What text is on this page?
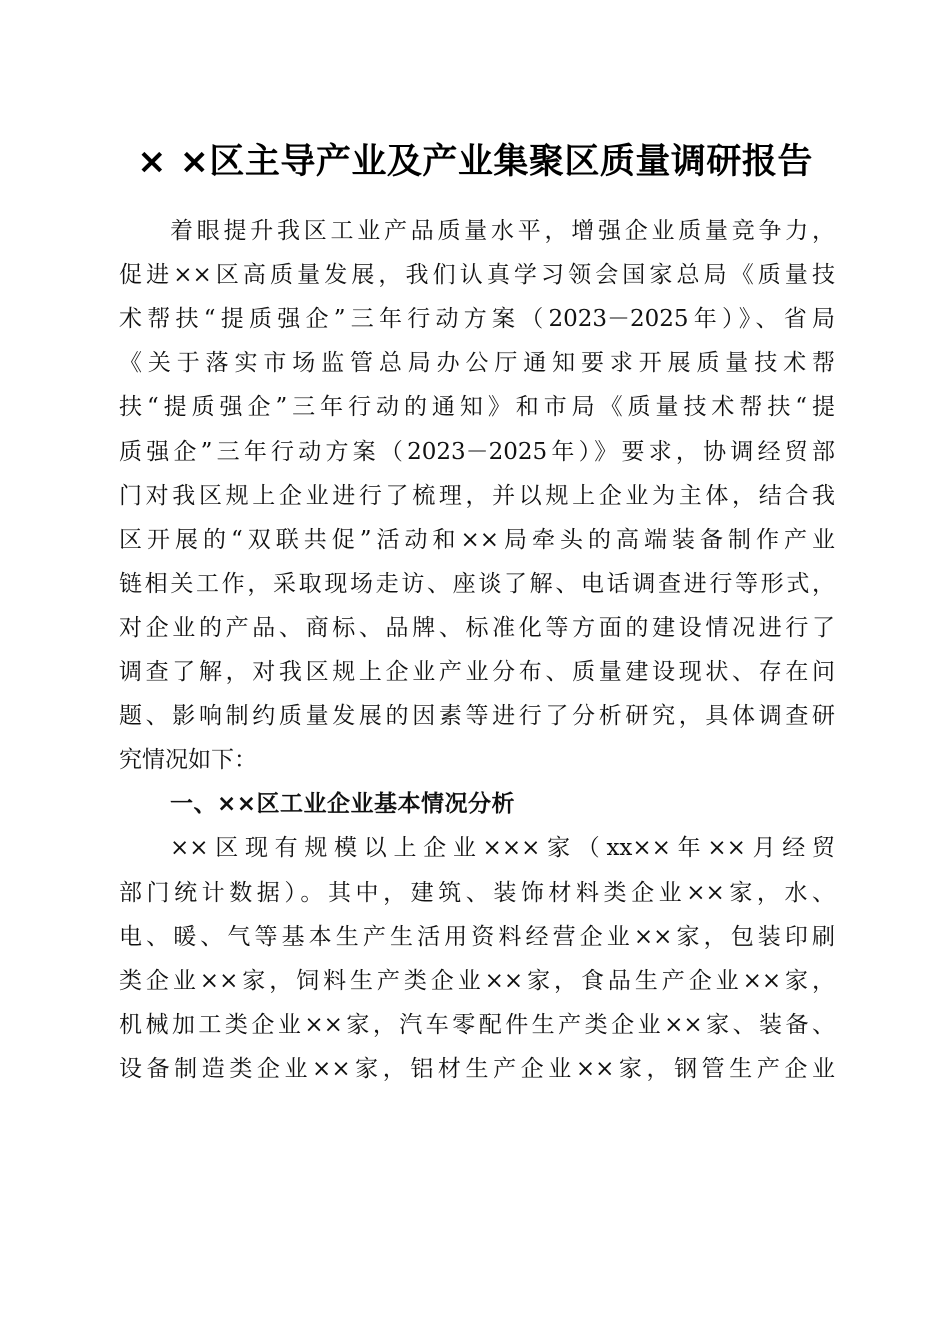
× ×区主导产业及产业集聚区质量调研报告
着眼提升我区工业产品质量水平，增强企业质量竞争力，
促进××区高质量发展，我们认真学习领会国家总局《质量技
术帮扶“提质强企”三年行动方案（2023－2025年）》、省局
《关于落实市场监管总局办公厅通知要求开展质量技术帮
扶“提质强企”三年行动的通知》和市局《质量技术帮扶“提
质强企”三年行动方案（2023－2025年）》要求，协调经贸部
门对我区规上企业进行了梳理，并以规上企业为主体，结合我
区开展的“双联共促”活动和××局牵头的高端装备制作产业
链相关工作，采取现场走访、座谈了解、电话调查进行等形式，
对企业的产品、商标、品牌、标准化等方面的建设情况进行了
调查了解，对我区规上企业产业分布、质量建设现状、存在问
题、影响制约质量发展的因素等进行了分析研究，具体调查研
究情况如下：
一、××区工业企业基本情况分析
××区现有规模以上企业×××家（xx××年××月经贸
部门统计数据）。其中，建筑、装饰材料类企业××家，水、
电、暖、气等基本生产生活用资料经营企业××家，包装印刷
类企业××家，饲料生产类企业××家，食品生产企业××家，
机械加工类企业××家，汽车零配件生产类企业××家、装备、
设备制造类企业××家，铝材生产企业××家，钢管生产企业
